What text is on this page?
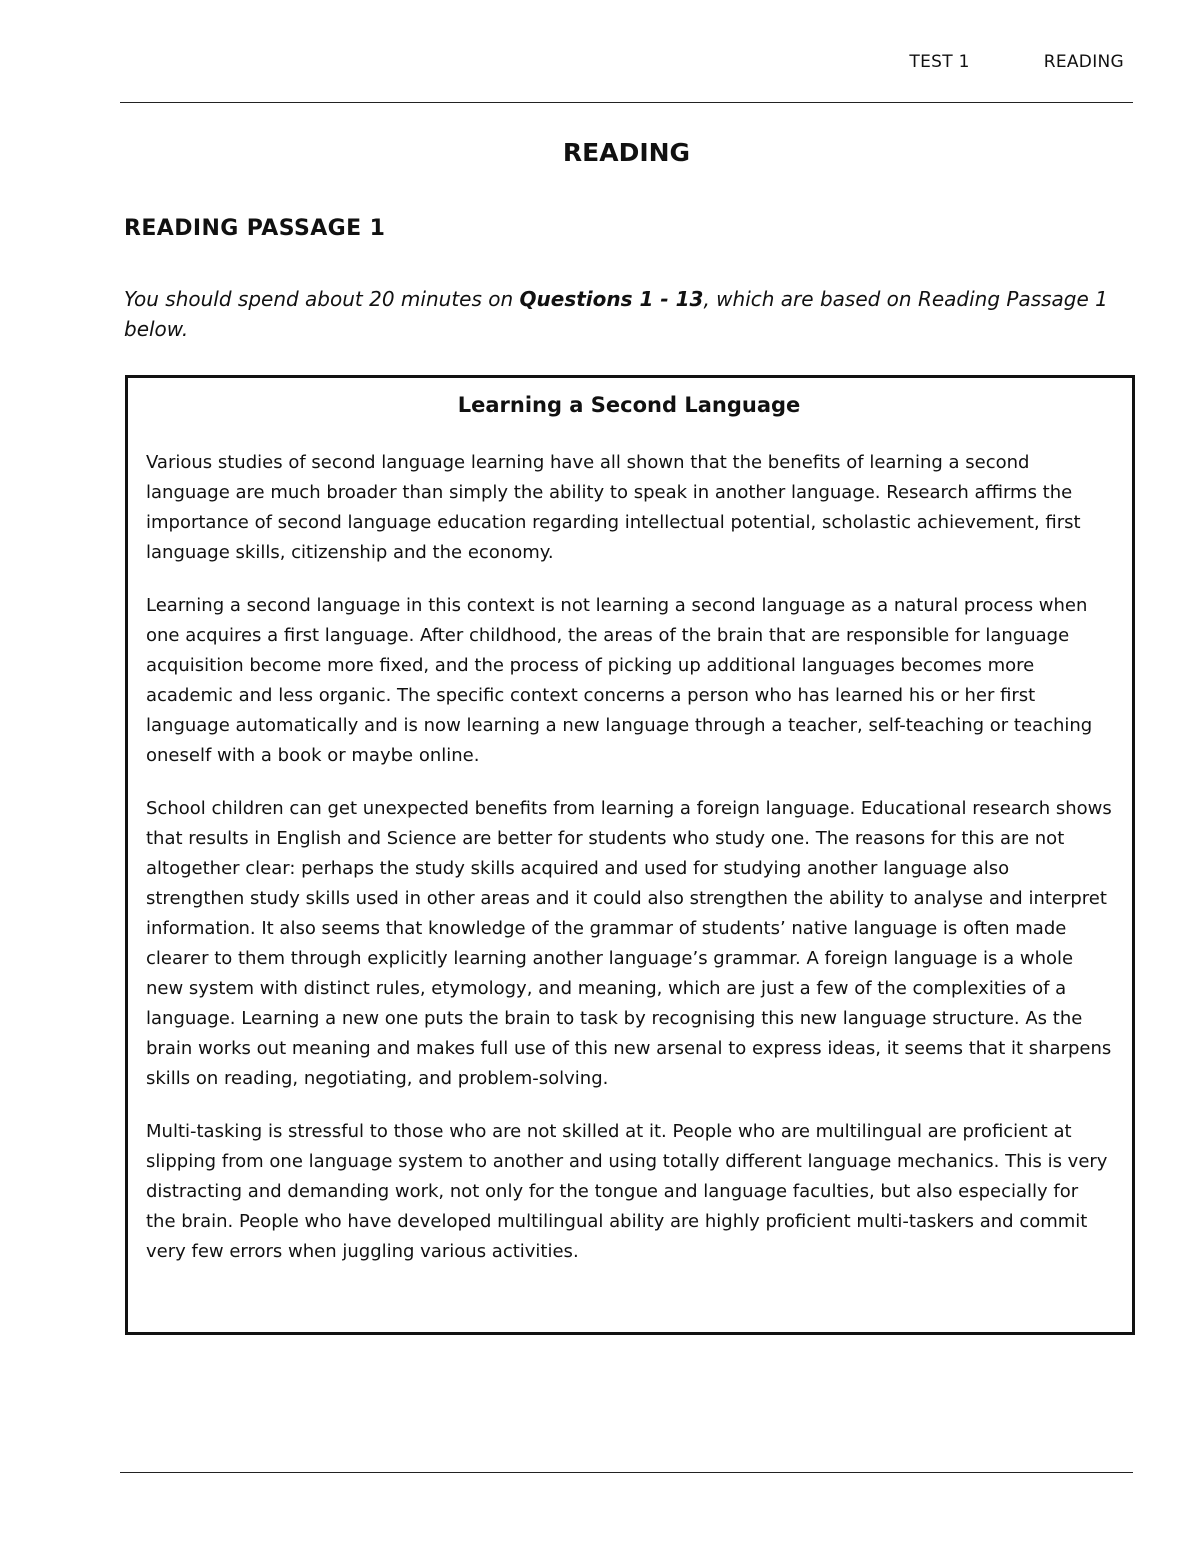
TEST 1	READING
READING
READING PASSAGE 1

You should spend about 20 minutes on Questions 1 - 13, which are based on Reading Passage 1 below.

Learning a Second Language

Various studies of second language learning have all shown that the benefits of learning a second language are much broader than simply the ability to speak in another language. Research affirms the importance of second language education regarding intellectual potential, scholastic achievement, first language skills, citizenship and the economy.

Learning a second language in this context is not learning a second language as a natural process when one acquires a first language. After childhood, the areas of the brain that are responsible for language acquisition become more fixed, and the process of picking up additional languages becomes more academic and less organic. The specific context concerns a person who has learned his or her first language automatically and is now learning a new language through a teacher, self-teaching or teaching oneself with a book or maybe online.

School children can get unexpected benefits from learning a foreign language. Educational research shows that results in English and Science are better for students who study one. The reasons for this are not altogether clear: perhaps the study skills acquired and used for studying another language also strengthen study skills used in other areas and it could also strengthen the ability to analyse and interpret information. It also seems that knowledge of the grammar of students’ native language is often made clearer to them through explicitly learning another language’s grammar. A foreign language is a whole new system with distinct rules, etymology, and meaning, which are just a few of the complexities of a language. Learning a new one puts the brain to task by recognising this new language structure. As the brain works out meaning and makes full use of this new arsenal to express ideas, it seems that it sharpens skills on reading, negotiating, and problem-solving.

Multi-tasking is stressful to those who are not skilled at it. People who are multilingual are proficient at slipping from one language system to another and using totally different language mechanics. This is very distracting and demanding work, not only for the tongue and language faculties, but also especially for the brain. People who have developed multilingual ability are highly proficient multi-taskers and commit very few errors when juggling various activities.
